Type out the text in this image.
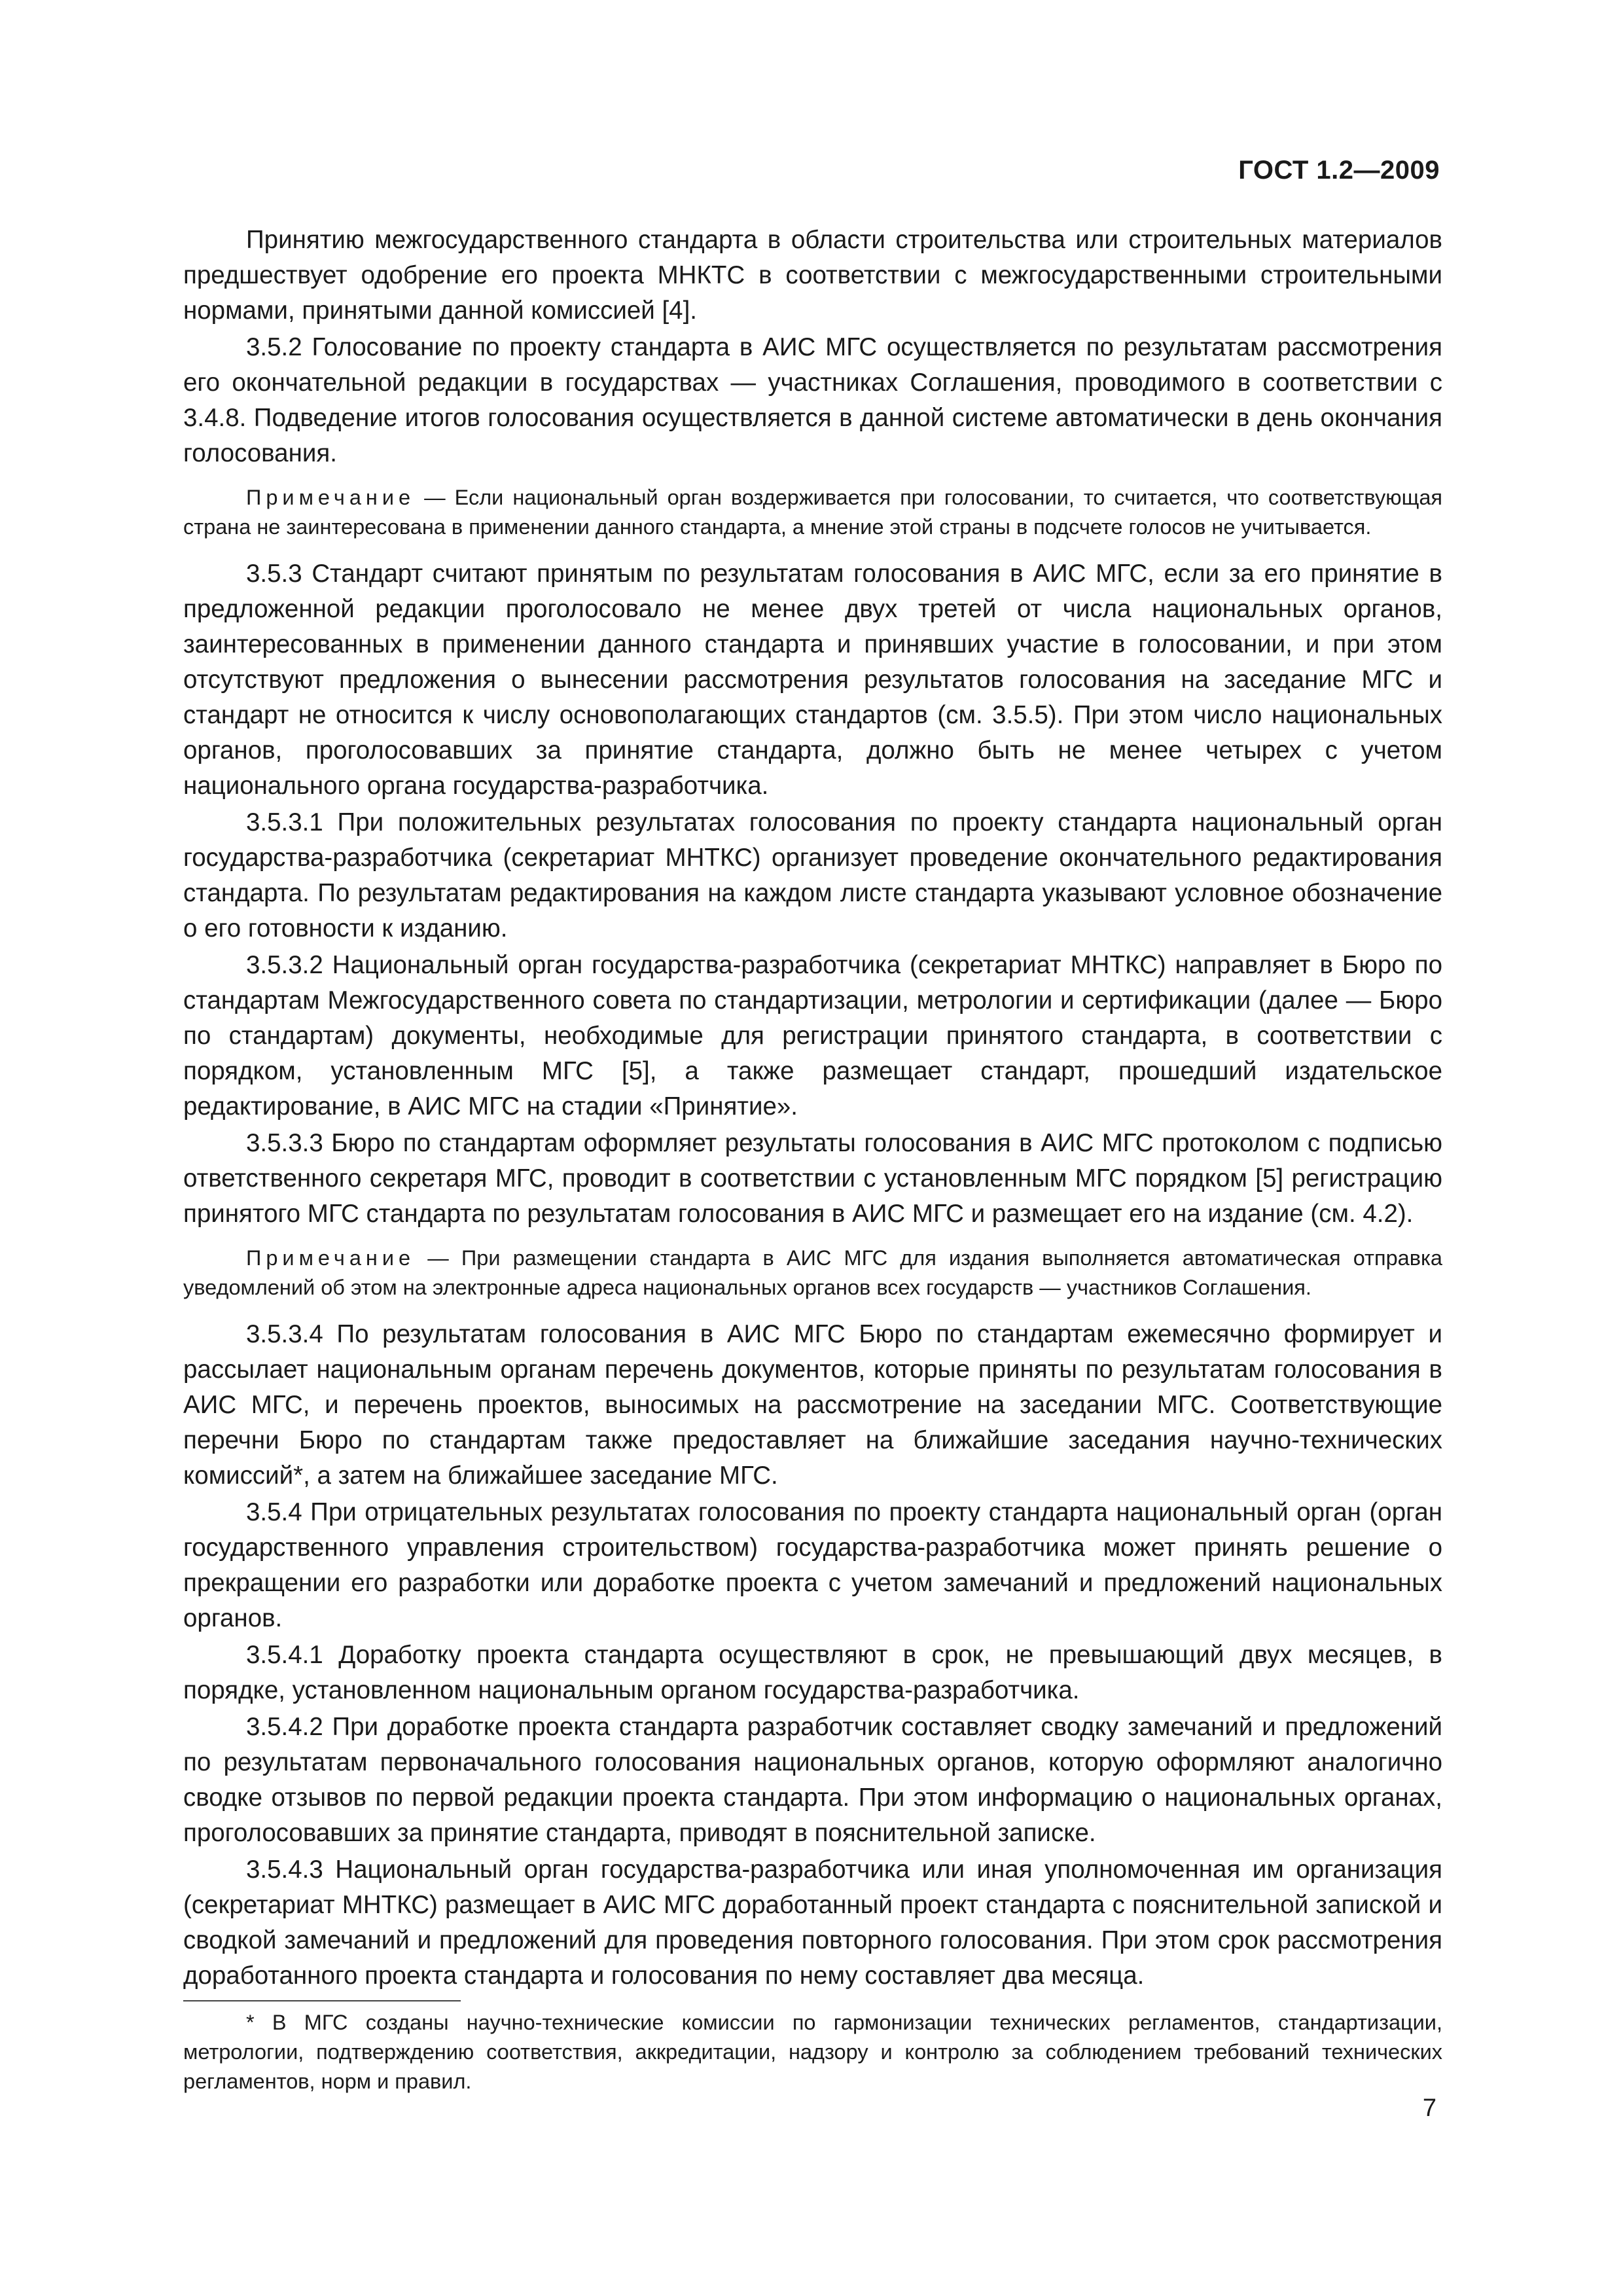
ГОСТ 1.2—2009

Принятию межгосударственного стандарта в области строительства или строительных материалов предшествует одобрение его проекта МНКТС в соответствии с межгосударственными строительными нормами, принятыми данной комиссией [4].

3.5.2 Голосование по проекту стандарта в АИС МГС осуществляется по результатам рассмотрения его окончательной редакции в государствах — участниках Соглашения, проводимого в соответствии с 3.4.8. Подведение итогов голосования осуществляется в данной системе автоматически в день окончания голосования.

Примечание — Если национальный орган воздерживается при голосовании, то считается, что соответствующая страна не заинтересована в применении данного стандарта, а мнение этой страны в подсчете голосов не учитывается.

3.5.3 Стандарт считают принятым по результатам голосования в АИС МГС, если за его принятие в предложенной редакции проголосовало не менее двух третей от числа национальных органов, заинтересованных в применении данного стандарта и принявших участие в голосовании, и при этом отсутствуют предложения о вынесении рассмотрения результатов голосования на заседание МГС и стандарт не относится к числу основополагающих стандартов (см. 3.5.5). При этом число национальных органов, проголосовавших за принятие стандарта, должно быть не менее четырех с учетом национального органа государства-разработчика.

3.5.3.1 При положительных результатах голосования по проекту стандарта национальный орган государства-разработчика (секретариат МНТКС) организует проведение окончательного редактирования стандарта. По результатам редактирования на каждом листе стандарта указывают условное обозначение о его готовности к изданию.

3.5.3.2 Национальный орган государства-разработчика (секретариат МНТКС) направляет в Бюро по стандартам Межгосударственного совета по стандартизации, метрологии и сертификации (далее — Бюро по стандартам) документы, необходимые для регистрации принятого стандарта, в соответствии с порядком, установленным МГС [5], а также размещает стандарт, прошедший издательское редактирование, в АИС МГС на стадии «Принятие».

3.5.3.3 Бюро по стандартам оформляет результаты голосования в АИС МГС протоколом с подписью ответственного секретаря МГС, проводит в соответствии с установленным МГС порядком [5] регистрацию принятого МГС стандарта по результатам голосования в АИС МГС и размещает его на издание (см. 4.2).

Примечание — При размещении стандарта в АИС МГС для издания выполняется автоматическая отправка уведомлений об этом на электронные адреса национальных органов всех государств — участников Соглашения.

3.5.3.4 По результатам голосования в АИС МГС Бюро по стандартам ежемесячно формирует и рассылает национальным органам перечень документов, которые приняты по результатам голосования в АИС МГС, и перечень проектов, выносимых на рассмотрение на заседании МГС. Соответствующие перечни Бюро по стандартам также предоставляет на ближайшие заседания научно-технических комиссий*, а затем на ближайшее заседание МГС.

3.5.4 При отрицательных результатах голосования по проекту стандарта национальный орган (орган государственного управления строительством) государства-разработчика может принять решение о прекращении его разработки или доработке проекта с учетом замечаний и предложений национальных органов.

3.5.4.1 Доработку проекта стандарта осуществляют в срок, не превышающий двух месяцев, в порядке, установленном национальным органом государства-разработчика.

3.5.4.2 При доработке проекта стандарта разработчик составляет сводку замечаний и предложений по результатам первоначального голосования национальных органов, которую оформляют аналогично сводке отзывов по первой редакции проекта стандарта. При этом информацию о национальных органах, проголосовавших за принятие стандарта, приводят в пояснительной записке.

3.5.4.3 Национальный орган государства-разработчика или иная уполномоченная им организация (секретариат МНТКС) размещает в АИС МГС доработанный проект стандарта с пояснительной запиской и сводкой замечаний и предложений для проведения повторного голосования. При этом срок рассмотрения доработанного проекта стандарта и голосования по нему составляет два месяца.

* В МГС созданы научно-технические комиссии по гармонизации технических регламентов, стандартизации, метрологии, подтверждению соответствия, аккредитации, надзору и контролю за соблюдением требований технических регламентов, норм и правил.

7
